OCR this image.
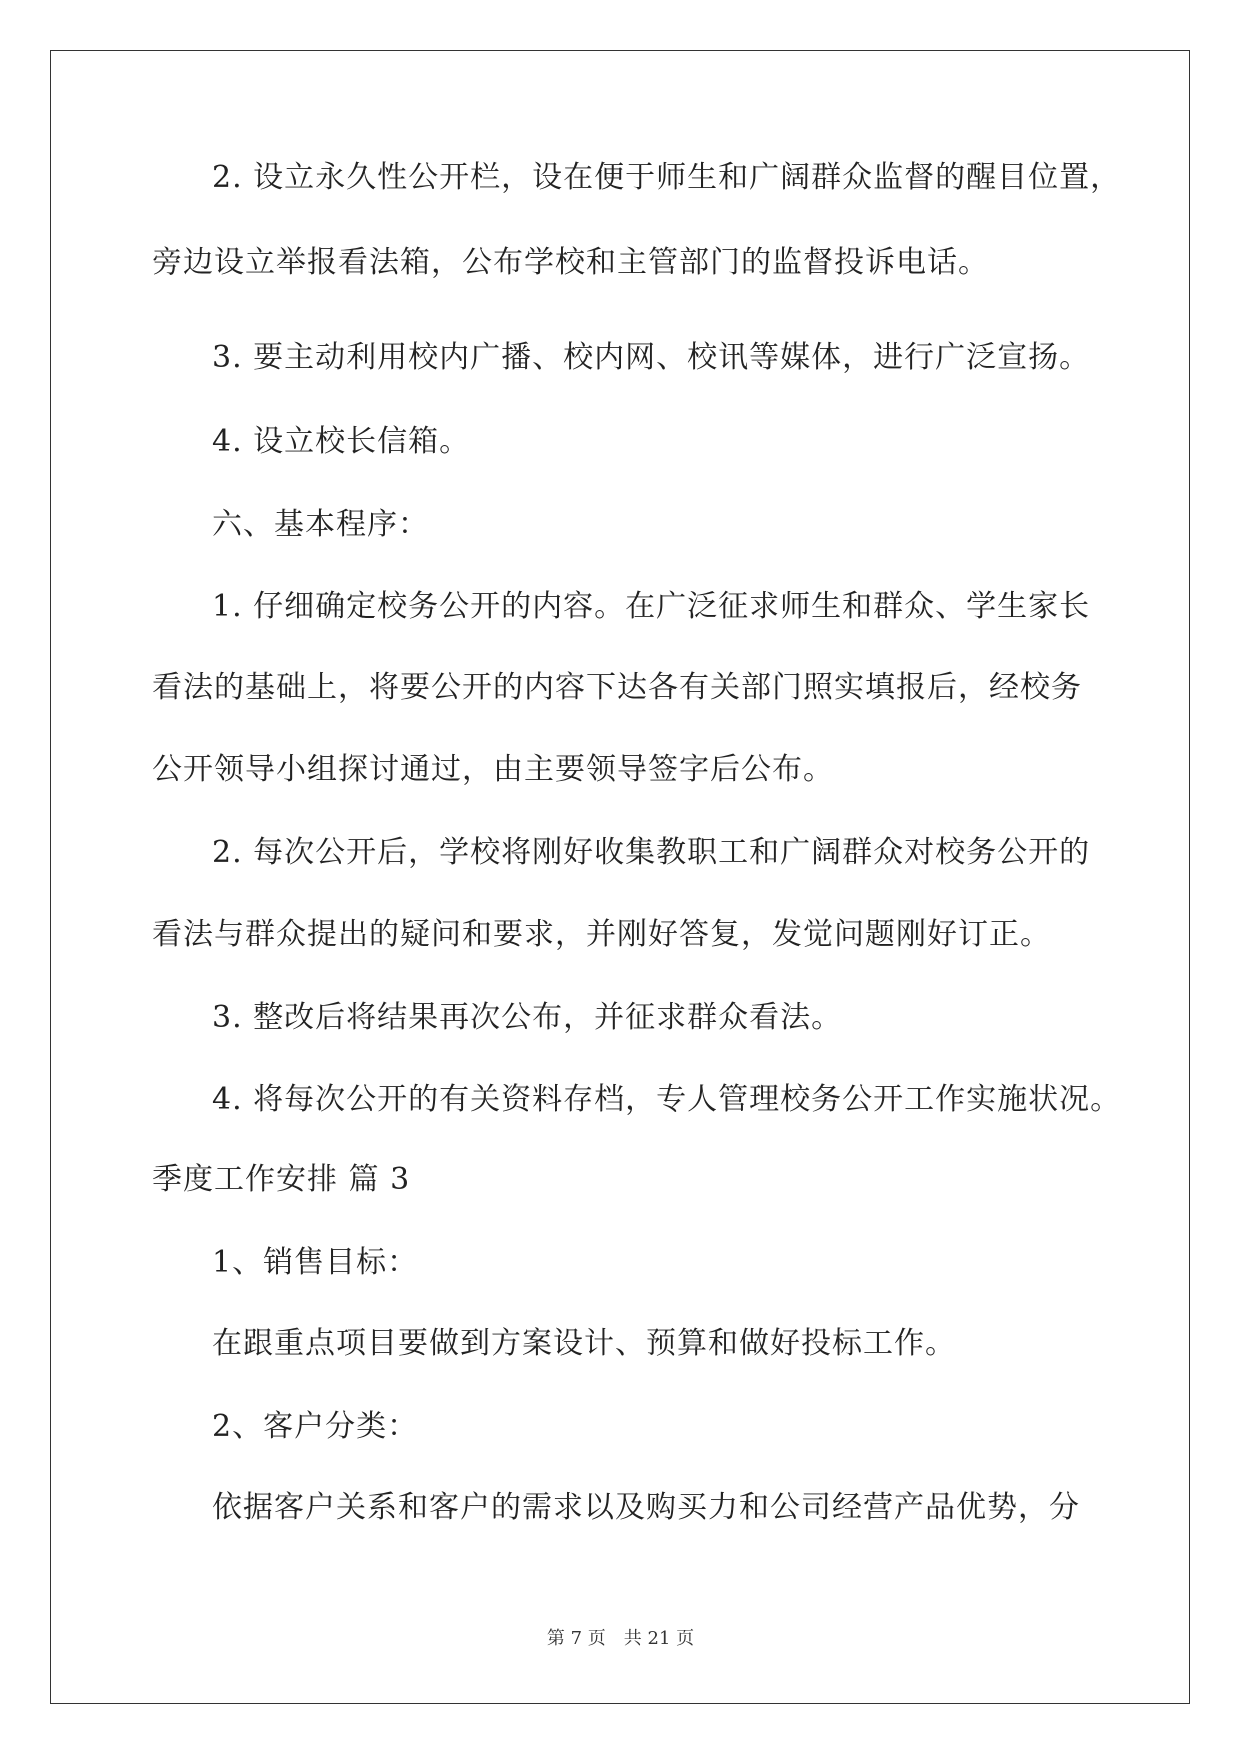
2. 设立永久性公开栏，设在便于师生和广阔群众监督的醒目位置，
旁边设立举报看法箱，公布学校和主管部门的监督投诉电话。
3. 要主动利用校内广播、校内网、校讯等媒体，进行广泛宣扬。
4. 设立校长信箱。
六、基本程序：
1. 仔细确定校务公开的内容。在广泛征求师生和群众、学生家长
看法的基础上，将要公开的内容下达各有关部门照实填报后，经校务
公开领导小组探讨通过，由主要领导签字后公布。
2. 每次公开后，学校将刚好收集教职工和广阔群众对校务公开的
看法与群众提出的疑问和要求，并刚好答复，发觉问题刚好订正。
3. 整改后将结果再次公布，并征求群众看法。
4. 将每次公开的有关资料存档，专人管理校务公开工作实施状况。
季度工作安排 篇 3
1、销售目标：
在跟重点项目要做到方案设计、预算和做好投标工作。
2、客户分类：
依据客户关系和客户的需求以及购买力和公司经营产品优势，分
第 7 页 共 21 页
